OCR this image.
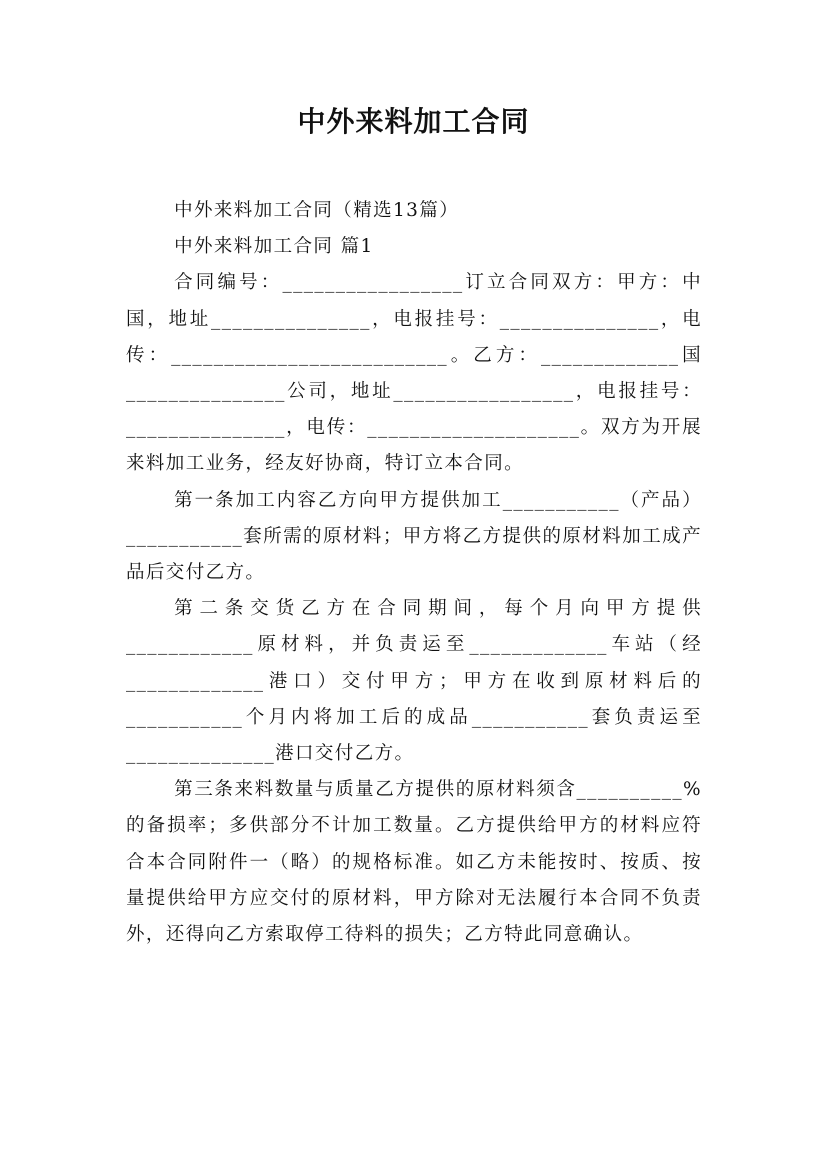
中外来料加工合同

中外来料加工合同（精选13篇）

中外来料加工合同 篇1

合同编号：_________________订立合同双方：甲方：中国，地址_______________，电报挂号：_______________，电传：__________________________。乙方：_____________国_______________公司，地址_________________，电报挂号：_______________，电传：____________________。双方为开展来料加工业务，经友好协商，特订立本合同。

第一条加工内容乙方向甲方提供加工___________（产品）___________套所需的原材料；甲方将乙方提供的原材料加工成产品后交付乙方。

第二条交货乙方在合同期间，每个月向甲方提供____________原材料，并负责运至_____________车站（经_____________港口）交付甲方；甲方在收到原材料后的___________个月内将加工后的成品___________套负责运至______________港口交付乙方。

第三条来料数量与质量乙方提供的原材料须含__________%的备损率；多供部分不计加工数量。乙方提供给甲方的材料应符合本合同附件一（略）的规格标准。如乙方未能按时、按质、按量提供给甲方应交付的原材料，甲方除对无法履行本合同不负责外，还得向乙方索取停工待料的损失；乙方特此同意确认。
